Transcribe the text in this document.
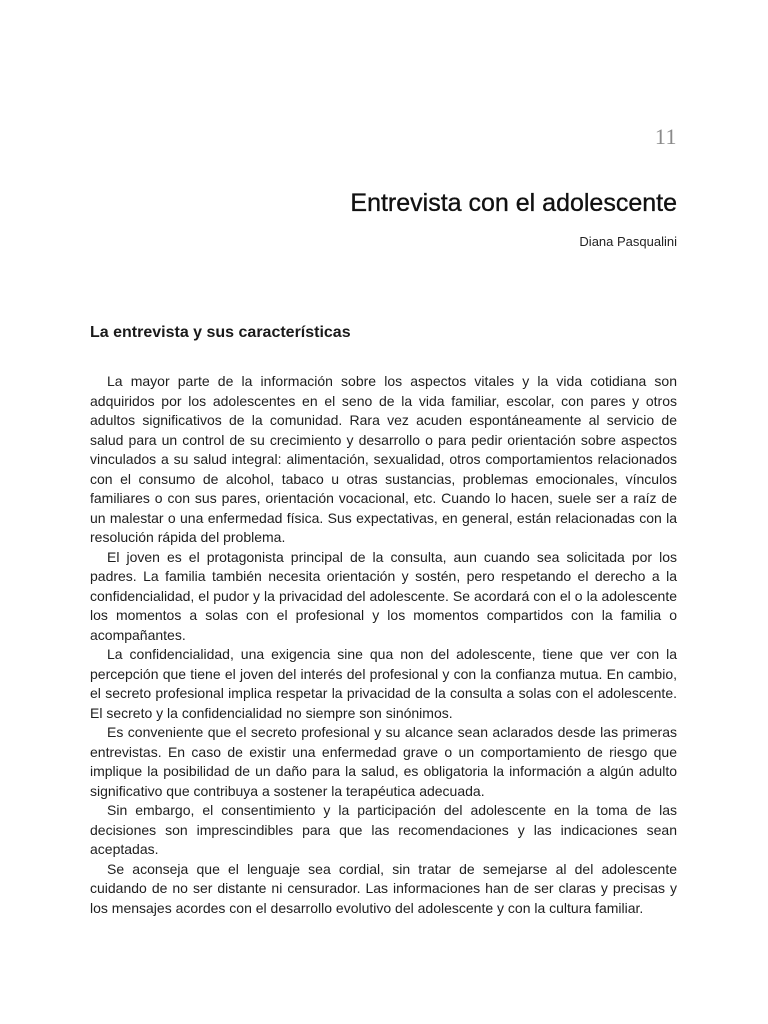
11
Entrevista con el adolescente
Diana Pasqualini
La entrevista y sus características

La mayor parte de la información sobre los aspectos vitales y la vida cotidiana son adquiridos por los adolescentes en el seno de la vida familiar, escolar, con pares y otros adultos significativos de la comunidad. Rara vez acuden espontáneamente al servicio de salud para un control de su crecimiento y desarrollo o para pedir orientación sobre aspectos vinculados a su salud integral: alimentación, sexualidad, otros comportamientos relacionados con el consumo de alcohol, tabaco u otras sustancias, problemas emocionales, vínculos familiares o con sus pares, orientación vocacional, etc. Cuando lo hacen, suele ser a raíz de un malestar o una enfermedad física. Sus expectativas, en general, están relacionadas con la resolución rápida del problema.

El joven es el protagonista principal de la consulta, aun cuando sea solicitada por los padres. La familia también necesita orientación y sostén, pero respetando el derecho a la confidencialidad, el pudor y la privacidad del adolescente. Se acordará con el o la adolescente los momentos a solas con el profesional y los momentos compartidos con la familia o acompañantes.

La confidencialidad, una exigencia sine qua non del adolescente, tiene que ver con la percepción que tiene el joven del interés del profesional y con la confianza mutua. En cambio, el secreto profesional implica respetar la privacidad de la consulta a solas con el adolescente. El secreto y la confidencialidad no siempre son sinónimos.

Es conveniente que el secreto profesional y su alcance sean aclarados desde las primeras entrevistas. En caso de existir una enfermedad grave o un comportamiento de riesgo que implique la posibilidad de un daño para la salud, es obligatoria la información a algún adulto significativo que contribuya a sostener la terapéutica adecuada.

Sin embargo, el consentimiento y la participación del adolescente en la toma de las decisiones son imprescindibles para que las recomendaciones y las indicaciones sean aceptadas.

Se aconseja que el lenguaje sea cordial, sin tratar de semejarse al del adolescente cuidando de no ser distante ni censurador. Las informaciones han de ser claras y precisas y los mensajes acordes con el desarrollo evolutivo del adolescente y con la cultura familiar.
